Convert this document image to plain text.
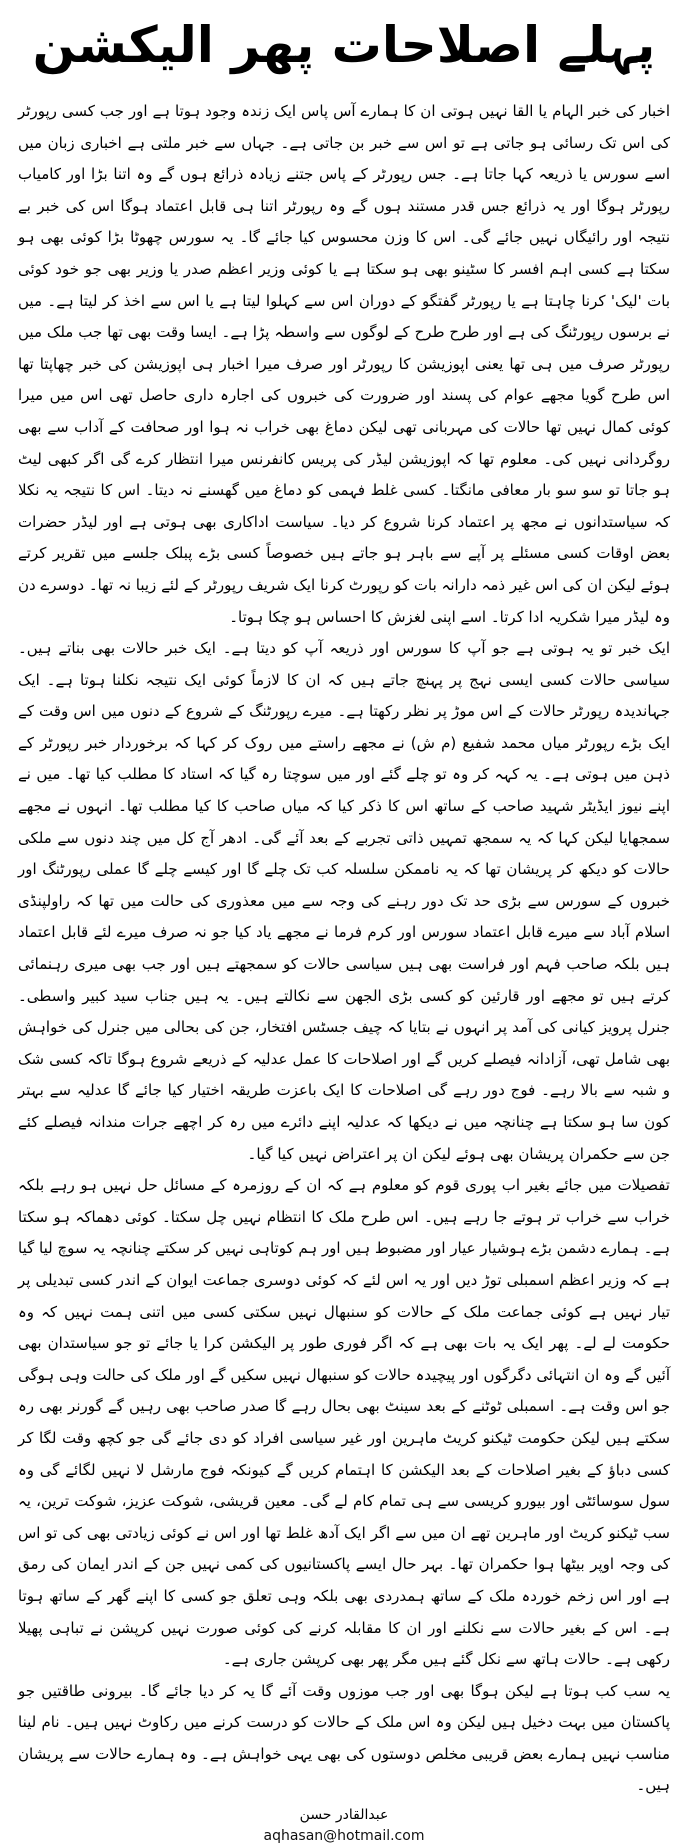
پہلے اصلاحات پھر الیکشن

اخبار کی خبر الہام یا القا نہیں ہوتی ان کا ہمارے آس پاس ایک زندہ وجود ہوتا ہے اور جب کسی رپورٹر کی اس تک رسائی ہو جاتی ہے تو اس سے خبر بن جاتی ہے۔ جہاں سے خبر ملتی ہے اخباری زبان میں اسے سورس یا ذریعہ کہا جاتا ہے۔ جس رپورٹر کے پاس جتنے زیادہ ذرائع ہوں گے وہ اتنا بڑا اور کامیاب رپورٹر ہوگا اور یہ ذرائع جس قدر مستند ہوں گے وہ رپورٹر اتنا ہی قابل اعتماد ہوگا اس کی خبر بے نتیجہ اور رائیگاں نہیں جائے گی۔ اس کا وزن محسوس کیا جائے گا۔ یہ سورس چھوٹا بڑا کوئی بھی ہو سکتا ہے کسی اہم افسر کا سٹینو بھی ہو سکتا ہے یا کوئی وزیر اعظم صدر یا وزیر بھی جو خود کوئی بات 'لیک' کرنا چاہتا ہے یا رپورٹر گفتگو کے دوران اس سے کہلوا لیتا ہے یا اس سے اخذ کر لیتا ہے۔ میں نے برسوں رپورٹنگ کی ہے اور طرح طرح کے لوگوں سے واسطہ پڑا ہے۔ ایسا وقت بھی تھا جب ملک میں رپورٹر صرف میں ہی تھا یعنی اپوزیشن کا رپورٹر اور صرف میرا اخبار ہی اپوزیشن کی خبر چھاپتا تھا اس طرح گویا مجھے عوام کی پسند اور ضرورت کی خبروں کی اجارہ داری حاصل تھی اس میں میرا کوئی کمال نہیں تھا حالات کی مہربانی تھی لیکن دماغ بھی خراب نہ ہوا اور صحافت کے آداب سے بھی روگردانی نہیں کی۔ معلوم تھا کہ اپوزیشن لیڈر کی پریس کانفرنس میرا انتظار کرے گی اگر کبھی لیٹ ہو جاتا تو سو سو بار معافی مانگتا۔ کسی غلط فہمی کو دماغ میں گھسنے نہ دیتا۔ اس کا نتیجہ یہ نکلا کہ سیاستدانوں نے مجھ پر اعتماد کرنا شروع کر دیا۔ سیاست اداکاری بھی ہوتی ہے اور لیڈر حضرات بعض اوقات کسی مسئلے پر آپے سے باہر ہو جاتے ہیں خصوصاً کسی بڑے پبلک جلسے میں تقریر کرتے ہوئے لیکن ان کی اس غیر ذمہ دارانہ بات کو رپورٹ کرنا ایک شریف رپورٹر کے لئے زیبا نہ تھا۔ دوسرے دن وہ لیڈر میرا شکریہ ادا کرتا۔ اسے اپنی لغزش کا احساس ہو چکا ہوتا۔

ایک خبر تو یہ ہوتی ہے جو آپ کا سورس اور ذریعہ آپ کو دیتا ہے۔ ایک خبر حالات بھی بناتے ہیں۔ سیاسی حالات کسی ایسی نہج پر پہنچ جاتے ہیں کہ ان کا لازماً کوئی ایک نتیجہ نکلنا ہوتا ہے۔ ایک جہاندیدہ رپورٹر حالات کے اس موڑ پر نظر رکھتا ہے۔ میرے رپورٹنگ کے شروع کے دنوں میں اس وقت کے ایک بڑے رپورٹر میاں محمد شفیع (م ش) نے مجھے راستے میں روک کر کہا کہ برخوردار خبر رپورٹر کے ذہن میں ہوتی ہے۔ یہ کہہ کر وہ تو چلے گئے اور میں سوچتا رہ گیا کہ استاد کا مطلب کیا تھا۔ میں نے اپنے نیوز ایڈیٹر شہید صاحب کے ساتھ اس کا ذکر کیا کہ میاں صاحب کا کیا مطلب تھا۔ انہوں نے مجھے سمجھایا لیکن کہا کہ یہ سمجھ تمہیں ذاتی تجربے کے بعد آئے گی۔ ادھر آج کل میں چند دنوں سے ملکی حالات کو دیکھ کر پریشان تھا کہ یہ ناممکن سلسلہ کب تک چلے گا اور کیسے چلے گا عملی رپورٹنگ اور خبروں کے سورس سے بڑی حد تک دور رہنے کی وجہ سے میں معذوری کی حالت میں تھا کہ راولپنڈی اسلام آباد سے میرے قابل اعتماد سورس اور کرم فرما نے مجھے یاد کیا جو نہ صرف میرے لئے قابل اعتماد ہیں بلکہ صاحب فہم اور فراست بھی ہیں سیاسی حالات کو سمجھتے ہیں اور جب بھی میری رہنمائی کرتے ہیں تو مجھے اور قارئین کو کسی بڑی الجھن سے نکالتے ہیں۔ یہ ہیں جناب سید کبیر واسطی۔ جنرل پرویز کیانی کی آمد پر انہوں نے بتایا کہ چیف جسٹس افتخار، جن کی بحالی میں جنرل کی خواہش بھی شامل تھی، آزادانہ فیصلے کریں گے اور اصلاحات کا عمل عدلیہ کے ذریعے شروع ہوگا تاکہ کسی شک و شبہ سے بالا رہے۔ فوج دور رہے گی اصلاحات کا ایک باعزت طریقہ اختیار کیا جائے گا عدلیہ سے بہتر کون سا ہو سکتا ہے چنانچہ میں نے دیکھا کہ عدلیہ اپنے دائرے میں رہ کر اچھے جرات مندانہ فیصلے کئے جن سے حکمران پریشان بھی ہوئے لیکن ان پر اعتراض نہیں کیا گیا۔

تفصیلات میں جائے بغیر اب پوری قوم کو معلوم ہے کہ ان کے روزمرہ کے مسائل حل نہیں ہو رہے بلکہ خراب سے خراب تر ہوتے جا رہے ہیں۔ اس طرح ملک کا انتظام نہیں چل سکتا۔ کوئی دھماکہ ہو سکتا ہے۔ ہمارے دشمن بڑے ہوشیار عیار اور مضبوط ہیں اور ہم کوتاہی نہیں کر سکتے چنانچہ یہ سوچ لیا گیا ہے کہ وزیر اعظم اسمبلی توڑ دیں اور یہ اس لئے کہ کوئی دوسری جماعت ایوان کے اندر کسی تبدیلی پر تیار نہیں ہے کوئی جماعت ملک کے حالات کو سنبھال نہیں سکتی کسی میں اتنی ہمت نہیں کہ وہ حکومت لے لے۔ پھر ایک یہ بات بھی ہے کہ اگر فوری طور پر الیکشن کرا یا جائے تو جو سیاستدان بھی آئیں گے وہ ان انتہائی دگرگوں اور پیچیدہ حالات کو سنبھال نہیں سکیں گے اور ملک کی حالت وہی ہوگی جو اس وقت ہے۔ اسمبلی ٹوٹنے کے بعد سینٹ بھی بحال رہے گا صدر صاحب بھی رہیں گے گورنر بھی رہ سکتے ہیں لیکن حکومت ٹیکنو کریٹ ماہرین اور غیر سیاسی افراد کو دی جائے گی جو کچھ وقت لگا کر کسی دباؤ کے بغیر اصلاحات کے بعد الیکشن کا اہتمام کریں گے کیونکہ فوج مارشل لا نہیں لگائے گی وہ سول سوسائٹی اور بیورو کریسی سے ہی تمام کام لے گی۔ معین قریشی، شوکت عزیز، شوکت ترین، یہ سب ٹیکنو کریٹ اور ماہرین تھے ان میں سے اگر ایک آدھ غلط تھا اور اس نے کوئی زیادتی بھی کی تو اس کی وجہ اوپر بیٹھا ہوا حکمران تھا۔ بہر حال ایسے پاکستانیوں کی کمی نہیں جن کے اندر ایمان کی رمق ہے اور اس زخم خوردہ ملک کے ساتھ ہمدردی بھی بلکہ وہی تعلق جو کسی کا اپنے گھر کے ساتھ ہوتا ہے۔ اس کے بغیر حالات سے نکلنے اور ان کا مقابلہ کرنے کی کوئی صورت نہیں کرپشن نے تباہی پھیلا رکھی ہے۔ حالات ہاتھ سے نکل گئے ہیں مگر پھر بھی کرپشن جاری ہے۔

یہ سب کب ہوتا ہے لیکن ہوگا بھی اور جب موزوں وقت آئے گا یہ کر دیا جائے گا۔ بیرونی طاقتیں جو پاکستان میں بہت دخیل ہیں لیکن وہ اس ملک کے حالات کو درست کرنے میں رکاوٹ نہیں ہیں۔ نام لینا مناسب نہیں ہمارے بعض قریبی مخلص دوستوں کی بھی یہی خواہش ہے۔ وہ ہمارے حالات سے پریشان ہیں۔

عبدالقادر حسن
aqhasan@hotmail.com
